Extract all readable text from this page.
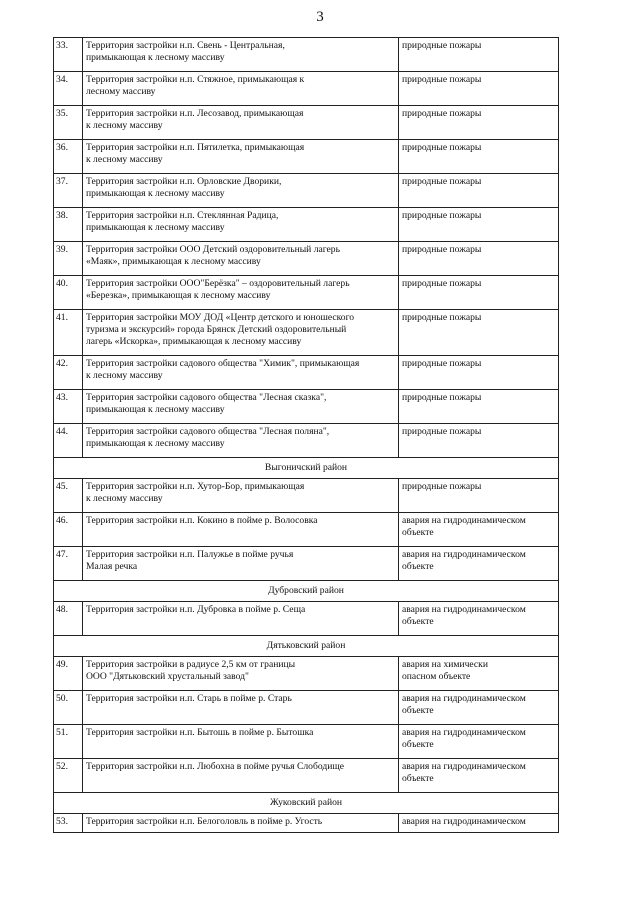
3
33.	Территория застройки н.п. Свень - Центральная,
примыкающая к лесному массиву	природные пожары

34.	Территория застройки н.п. Стяжное, примыкающая к
лесному массиву	природные пожары

35.	Территория застройки н.п. Лесозавод, примыкающая
к лесному массиву	природные пожары

36.	Территория застройки н.п. Пятилетка, примыкающая
к лесному массиву	природные пожары

37.	Территория застройки н.п. Орловские Дворики,
примыкающая к лесному массиву	природные пожары

38.	Территория застройки н.п. Стеклянная Радица,
примыкающая к лесному массиву	природные пожары

39.	Территория застройки ООО Детский оздоровительный лагерь
«Маяк», примыкающая к лесному массиву	природные пожары

40.	Территория застройки ООО"Берёзка" – оздоровительный лагерь
«Березка», примыкающая к лесному массиву	природные пожары

41.	Территория застройки МОУ ДОД «Центр детского и юношеского
туризма и экскурсий» города Брянск Детский оздоровительный
лагерь «Искорка», примыкающая к лесному массиву	природные пожары

42.	Территория застройки садового общества "Химик", примыкающая
к лесному массиву	природные пожары

43.	Территория застройки садового общества "Лесная сказка",
примыкающая к лесному массиву	природные пожары

44.	Территория застройки садового общества "Лесная поляна",
примыкающая к лесному массиву	природные пожары

Выгоничский район		
45.	Территория застройки н.п. Хутор-Бор, примыкающая
к лесному массиву	природные пожары

46.	Территория застройки н.п. Кокино в пойме р. Волосовка	авария на гидродинамическом
объекте

47.	Территория застройки н.п. Палужье в пойме ручья
Малая речка	авария на гидродинамическом
объекте

Дубровский район		
48.	Территория застройки н.п. Дубровка в пойме р. Сеща	авария на гидродинамическом
объекте

Дятьковский район		
49.	Территория застройки в радиусе 2,5 км от границы
ООО "Дятьковский хрустальный завод"	авария на химически
опасном объекте

50.	Территория застройки н.п. Старь в пойме р. Старь	авария на гидродинамическом
объекте

51.	Территория застройки н.п. Бытошь в пойме р. Бытошка	авария на гидродинамическом
объекте

52.	Территория застройки н.п. Любохна в пойме ручья Слободище	авария на гидродинамическом
объекте

Жуковский район		
53.	Территория застройки н.п. Белоголовль в пойме р. Угость	авария на гидродинамическом
